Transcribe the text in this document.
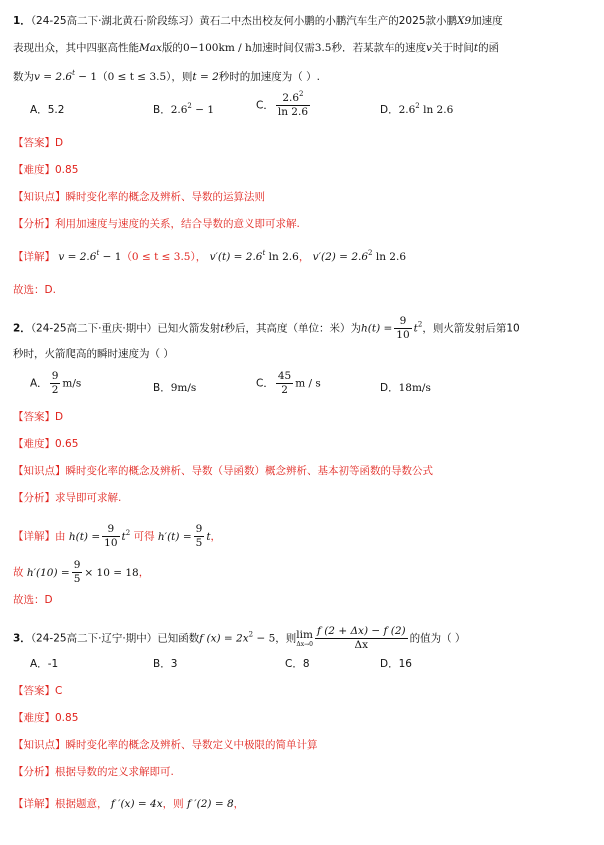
1．（24-25高二下·湖北黄石·阶段练习）黄石二中杰出校友何小鹏的小鹏汽车生产的2025款小鹏X9加速度
表现出众，其中四驱高性能Max版的0−100km / h加速时间仅需3.5秒．若某款车的速度v关于时间t的函
数为$v = 2.6^t - 1(0 \le t \le 3.5)$，则t = 2秒时的加速度为（ ）.
A．5.2	B．$2.6^2 - 1$	C． $\frac{2.6^2}{\ln 2.6}$	D．$2.6^2$ ln 2.6
【答案】D
【难度】0.85
【知识点】瞬时变化率的概念及辨析、导数的运算法则
【分析】利用加速度与速度的关系，结合导数的意义即可求解.
【详解】 $v = 2.6^t - 1(0 \le t \le 3.5)$， $v'(t) = 2.6^t$ ln 2.6， $v'(2) = 2.6^2$ ln 2.6
故选：D.
2．（24-25高二下·重庆·期中）已知火箭发射t秒后，其高度（单位：米）为$h(t) = \frac{9}{10} t^2$，则火箭发射后第10
秒时，火箭爬高的瞬时速度为（ ）
A． $\frac{9}{2} m/s$	B．9m/s	C． $\frac{45}{2}$ m / s	D．18m/s
【答案】D
【难度】0.65
【知识点】瞬时变化率的概念及辨析、导数（导函数）概念辨析、基本初等函数的导数公式
【分析】求导即可求解.
【详解】由 $h(t) = \frac{9}{10} t^2$ 可得 $h'(t) = \frac{9}{5}$ t，
故 $h'(10) = \frac{9}{5} \times 10 = 18$，
故选：D
3．（24-25高二下·辽宁·期中）已知函数f $(x) = 2x^2 - 5$，则 lim
$\Delta x\to 0 \frac{f (2 + \Delta x) - f (2)}{\Delta x}$ 的值为（ ）
A．-1	B．3	C．8	D．16
【答案】C
【难度】0.85
【知识点】瞬时变化率的概念及辨析、导数定义中极限的简单计算
【分析】根据导数的定义求解即可.
【详解】根据题意， f ′(x) = 4x，则 f ′(2) = 8，
